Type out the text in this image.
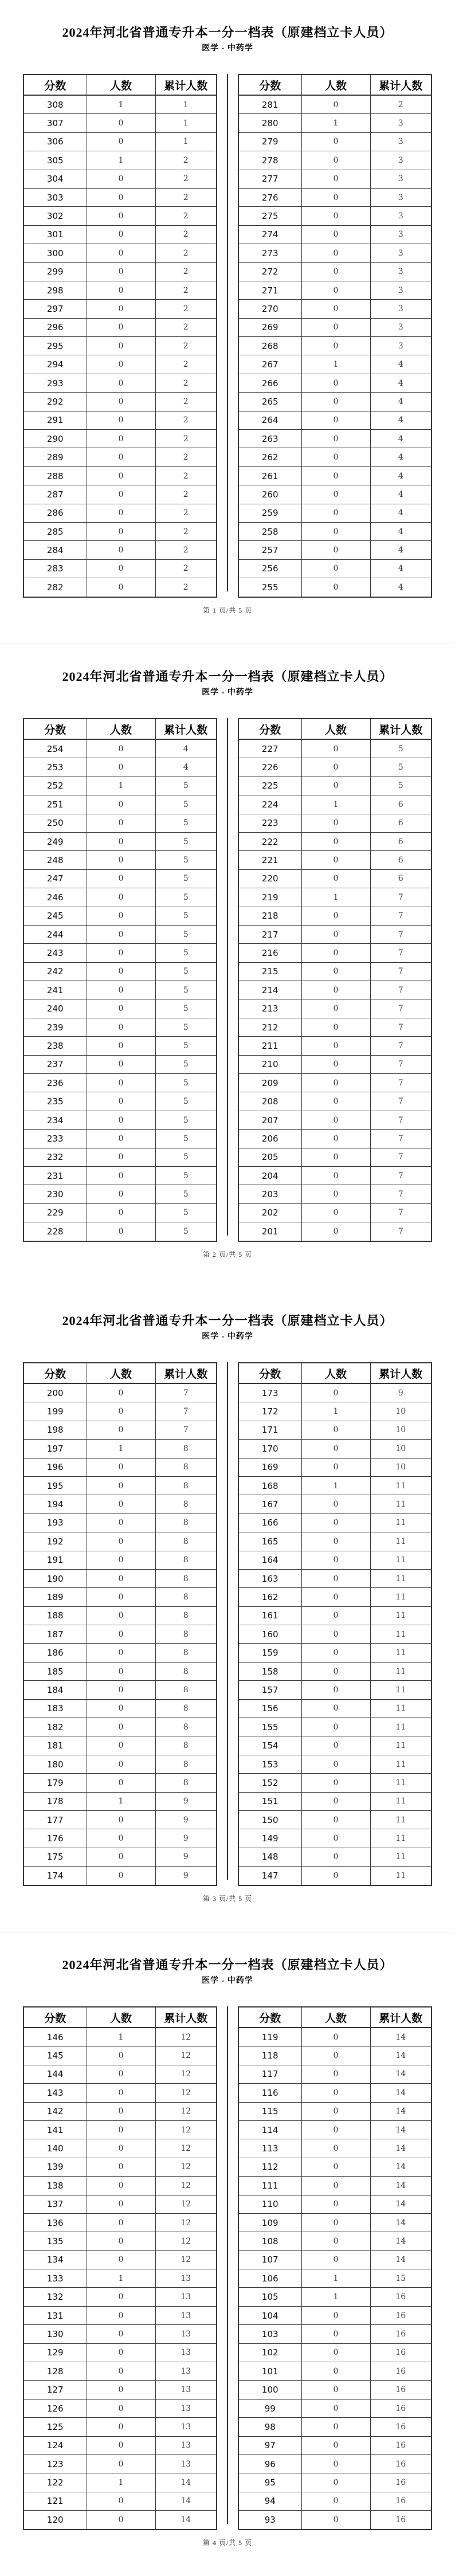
2024年河北省普通专升本一分一档表（原建档立卡人员）
医学 - 中药学
分数	人数	累计人数
308	1	1
307	0	1
306	0	1
305	1	2
304	0	2
303	0	2
302	0	2
301	0	2
300	0	2
299	0	2
298	0	2
297	0	2
296	0	2
295	0	2
294	0	2
293	0	2
292	0	2
291	0	2
290	0	2
289	0	2
288	0	2
287	0	2
286	0	2
285	0	2
284	0	2
283	0	2
282	0	2
分数	人数	累计人数
281	0	2
280	1	3
279	0	3
278	0	3
277	0	3
276	0	3
275	0	3
274	0	3
273	0	3
272	0	3
271	0	3
270	0	3
269	0	3
268	0	3
267	1	4
266	0	4
265	0	4
264	0	4
263	0	4
262	0	4
261	0	4
260	0	4
259	0	4
258	0	4
257	0	4
256	0	4
255	0	4
第 1 页/共 5 页
2024年河北省普通专升本一分一档表（原建档立卡人员）
医学 - 中药学
分数	人数	累计人数
254	0	4
253	0	4
252	1	5
251	0	5
250	0	5
249	0	5
248	0	5
247	0	5
246	0	5
245	0	5
244	0	5
243	0	5
242	0	5
241	0	5
240	0	5
239	0	5
238	0	5
237	0	5
236	0	5
235	0	5
234	0	5
233	0	5
232	0	5
231	0	5
230	0	5
229	0	5
228	0	5
分数	人数	累计人数
227	0	5
226	0	5
225	0	5
224	1	6
223	0	6
222	0	6
221	0	6
220	0	6
219	1	7
218	0	7
217	0	7
216	0	7
215	0	7
214	0	7
213	0	7
212	0	7
211	0	7
210	0	7
209	0	7
208	0	7
207	0	7
206	0	7
205	0	7
204	0	7
203	0	7
202	0	7
201	0	7
第 2 页/共 5 页
2024年河北省普通专升本一分一档表（原建档立卡人员）
医学 - 中药学
分数	人数	累计人数
200	0	7
199	0	7
198	0	7
197	1	8
196	0	8
195	0	8
194	0	8
193	0	8
192	0	8
191	0	8
190	0	8
189	0	8
188	0	8
187	0	8
186	0	8
185	0	8
184	0	8
183	0	8
182	0	8
181	0	8
180	0	8
179	0	8
178	1	9
177	0	9
176	0	9
175	0	9
174	0	9
分数	人数	累计人数
173	0	9
172	1	10
171	0	10
170	0	10
169	0	10
168	1	11
167	0	11
166	0	11
165	0	11
164	0	11
163	0	11
162	0	11
161	0	11
160	0	11
159	0	11
158	0	11
157	0	11
156	0	11
155	0	11
154	0	11
153	0	11
152	0	11
151	0	11
150	0	11
149	0	11
148	0	11
147	0	11
第 3 页/共 5 页
2024年河北省普通专升本一分一档表（原建档立卡人员）
医学 - 中药学
分数	人数	累计人数
146	1	12
145	0	12
144	0	12
143	0	12
142	0	12
141	0	12
140	0	12
139	0	12
138	0	12
137	0	12
136	0	12
135	0	12
134	0	12
133	1	13
132	0	13
131	0	13
130	0	13
129	0	13
128	0	13
127	0	13
126	0	13
125	0	13
124	0	13
123	0	13
122	1	14
121	0	14
120	0	14
分数	人数	累计人数
119	0	14
118	0	14
117	0	14
116	0	14
115	0	14
114	0	14
113	0	14
112	0	14
111	0	14
110	0	14
109	0	14
108	0	14
107	0	14
106	1	15
105	1	16
104	0	16
103	0	16
102	0	16
101	0	16
100	0	16
99	0	16
98	0	16
97	0	16
96	0	16
95	0	16
94	0	16
93	0	16
第 4 页/共 5 页
